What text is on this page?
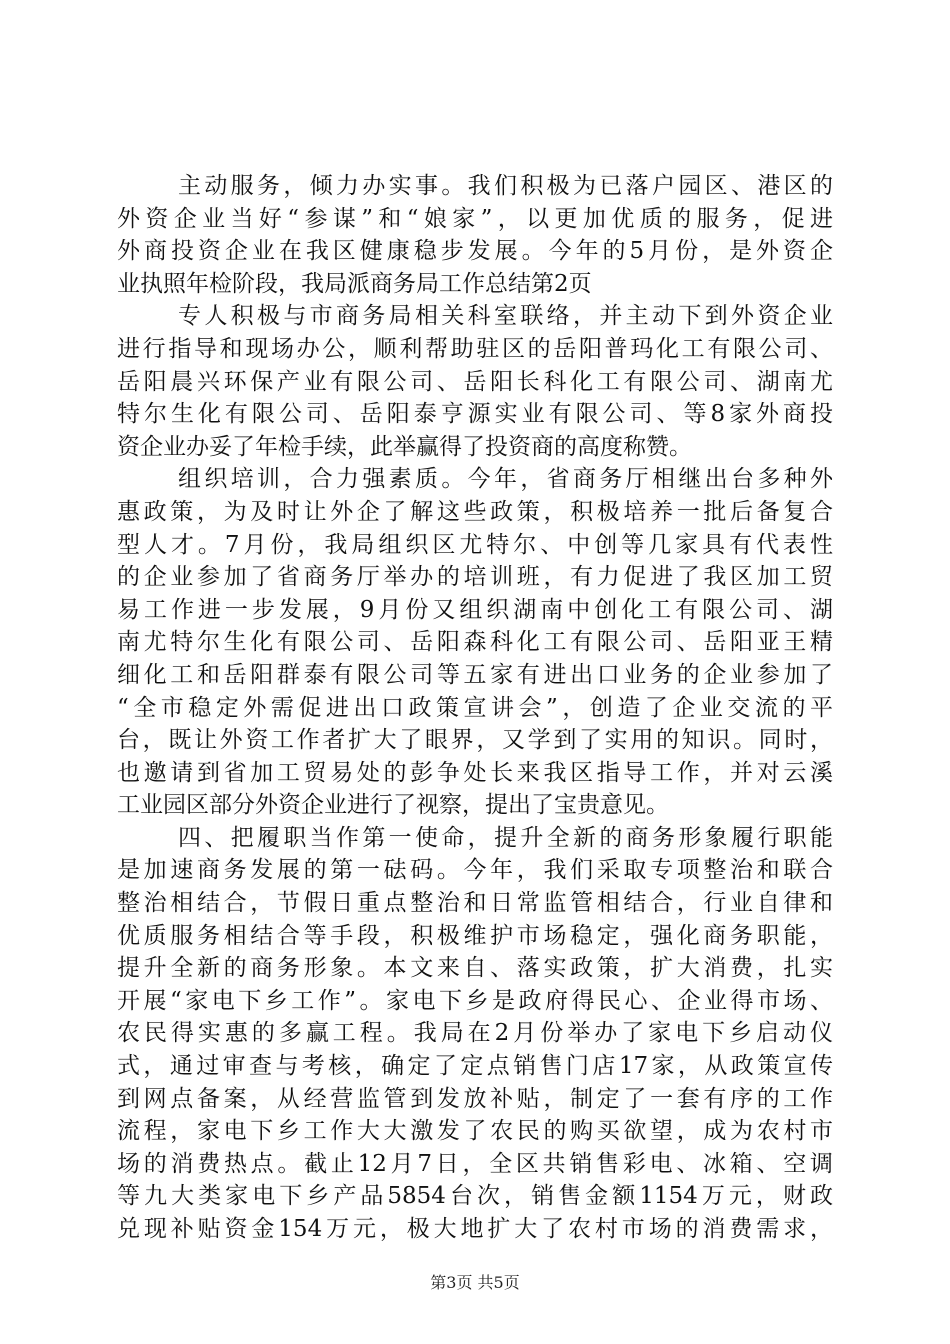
主动服务，倾力办实事。我们积极为已落户园区、港区的
外资企业当好“参谋”和“娘家”，以更加优质的服务，促进
外商投资企业在我区健康稳步发展。今年的5月份，是外资企
业执照年检阶段，我局派商务局工作总结第2页
专人积极与市商务局相关科室联络，并主动下到外资企业
进行指导和现场办公，顺利帮助驻区的岳阳普玛化工有限公司、
岳阳晨兴环保产业有限公司、岳阳长科化工有限公司、湖南尤
特尔生化有限公司、岳阳泰亨源实业有限公司、等8家外商投
资企业办妥了年检手续，此举赢得了投资商的高度称赞。
组织培训，合力强素质。今年，省商务厅相继出台多种外
惠政策，为及时让外企了解这些政策，积极培养一批后备复合
型人才。7月份，我局组织区尤特尔、中创等几家具有代表性
的企业参加了省商务厅举办的培训班，有力促进了我区加工贸
易工作进一步发展，9月份又组织湖南中创化工有限公司、湖
南尤特尔生化有限公司、岳阳森科化工有限公司、岳阳亚王精
细化工和岳阳群泰有限公司等五家有进出口业务的企业参加了
“全市稳定外需促进出口政策宣讲会”，创造了企业交流的平
台，既让外资工作者扩大了眼界，又学到了实用的知识。同时，
也邀请到省加工贸易处的彭争处长来我区指导工作，并对云溪
工业园区部分外资企业进行了视察，提出了宝贵意见。
四、把履职当作第一使命，提升全新的商务形象履行职能
是加速商务发展的第一砝码。今年，我们采取专项整治和联合
整治相结合，节假日重点整治和日常监管相结合，行业自律和
优质服务相结合等手段，积极维护市场稳定，强化商务职能，
提升全新的商务形象。本文来自、落实政策，扩大消费，扎实
开展“家电下乡工作”。家电下乡是政府得民心、企业得市场、
农民得实惠的多赢工程。我局在2月份举办了家电下乡启动仪
式，通过审查与考核，确定了定点销售门店17家，从政策宣传
到网点备案，从经营监管到发放补贴，制定了一套有序的工作
流程，家电下乡工作大大激发了农民的购买欲望，成为农村市
场的消费热点。截止12月7日，全区共销售彩电、冰箱、空调
等九大类家电下乡产品5854台次，销售金额1154万元，财政
兑现补贴资金154万元，极大地扩大了农村市场的消费需求，
第3页 共5页
